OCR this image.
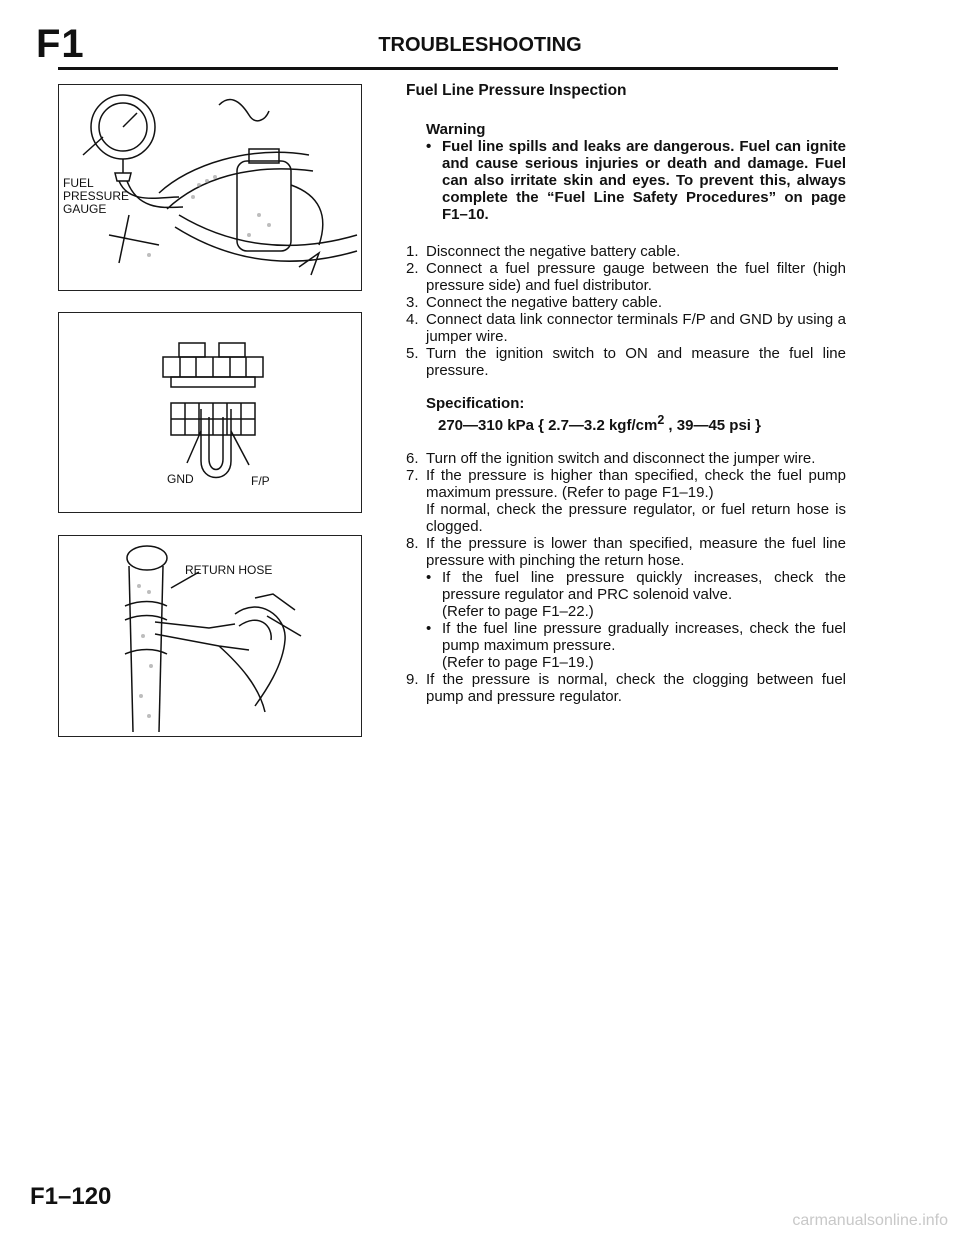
F1	TROUBLESHOOTING
FUEL
PRESSURE
GAUGE
GND	F/P
RETURN HOSE
Fuel Line Pressure Inspection
Warning
• Fuel line spills and leaks are dangerous. Fuel can ignite and cause serious injuries or death and damage. Fuel can also irritate skin and eyes. To prevent this, always complete the “Fuel Line Safety Procedures” on page F1–10.
1. Disconnect the negative battery cable.
2. Connect a fuel pressure gauge between the fuel filter (high pressure side) and fuel distributor.
3. Connect the negative battery cable.
4. Connect data link connector terminals F/P and GND by using a jumper wire.
5. Turn the ignition switch to ON and measure the fuel line pressure.
Specification:
270—310 kPa { 2.7—3.2 kgf/$cm^2$ , 39—45 psi }
6. Turn off the ignition switch and disconnect the jumper wire.
7. If the pressure is higher than specified, check the fuel pump maximum pressure. (Refer to page F1–19.)
If normal, check the pressure regulator, or fuel return hose is clogged.
8. If the pressure is lower than specified, measure the fuel line pressure with pinching the return hose.
• If the fuel line pressure quickly increases, check the pressure regulator and PRC solenoid valve.
(Refer to page F1–22.)
• If the fuel line pressure gradually increases, check the fuel pump maximum pressure.
(Refer to page F1–19.)
9. If the pressure is normal, check the clogging between fuel pump and pressure regulator.
F1–120
carmanualsonline.info
